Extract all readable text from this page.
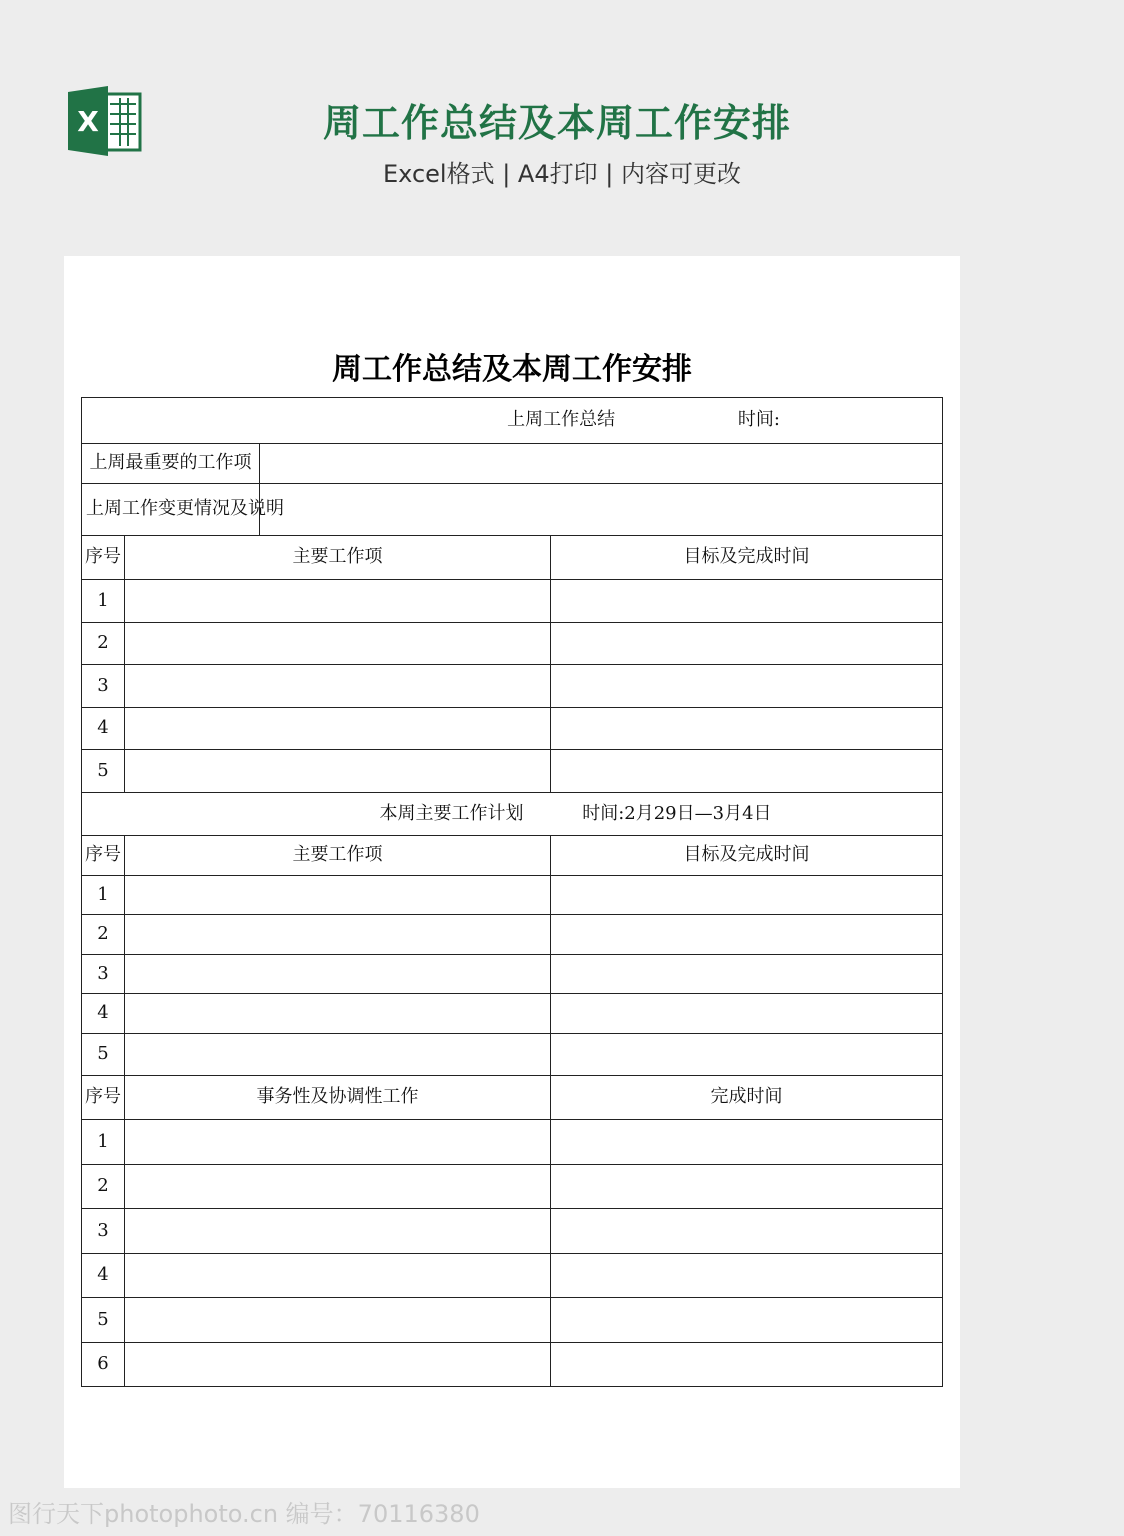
X	周工作总结及本周工作安排
Excel格式 | A4打印 | 内容可更改
周工作总结及本周工作安排
上周工作总结 时间:			
上周最重要的工作项			
上周工作变更情况及说明			
序号	主要工作项		目标及完成时间
1			
2			
3			
4			
5			
本周主要工作计划 时间:2月29日—3月4日			
序号	主要工作项		目标及完成时间
1			
2			
3			
4			
5			
序号	事务性及协调性工作		完成时间
1			
2			
3			
4			
5			
6			
图行天下photophoto.cn 编号：70116380
